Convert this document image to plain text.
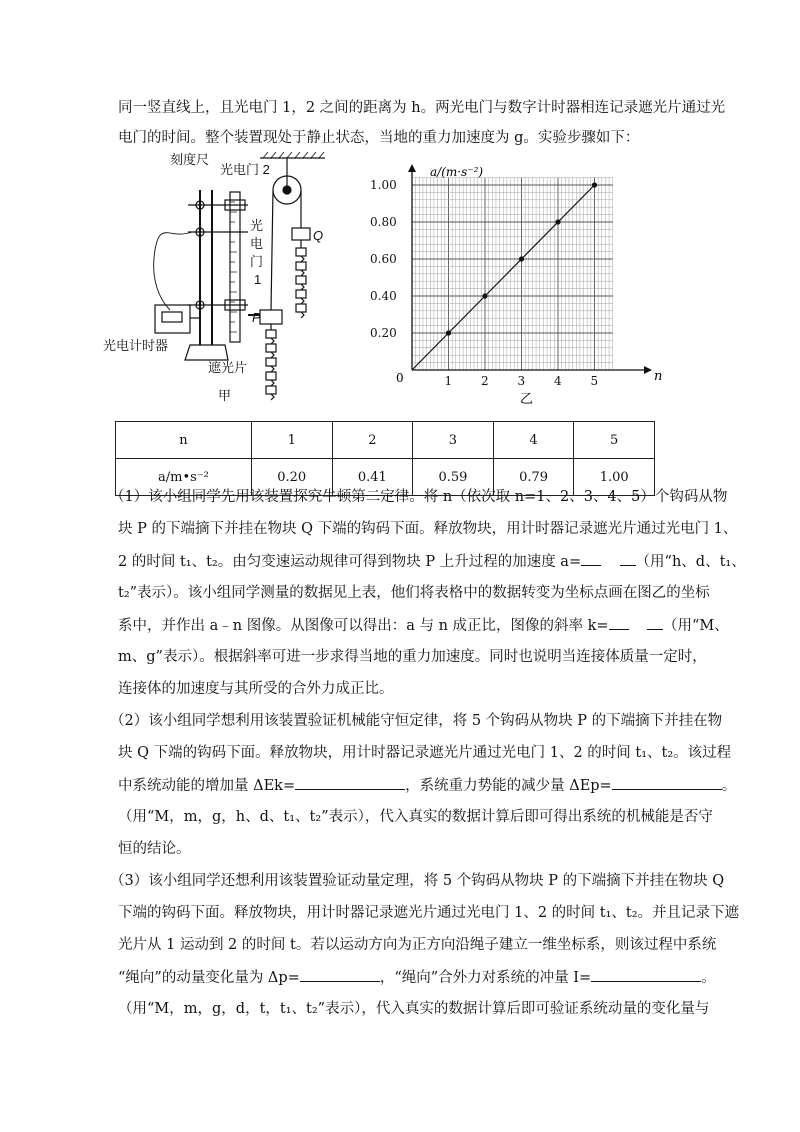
同一竖直线上，且光电门 1，2 之间的距离为 h。两光电门与数字计时器相连记录遮光片通过光
电门的时间。整个装置现处于静止状态，当地的重力加速度为 g。实验步骤如下：
刻度尺
光电门 2
光
电
门
1
光电计时器
遮光片
P
Q
甲
1 2 3 4 5
0.20
0.40
0.60
0.80
1.00
a/(m·s⁻²)
n
0
乙
n	1	2	3	4	5
a/m•s⁻²	0.20	0.41	0.59	0.79	1.00
（1）该小组同学先用该装置探究牛顿第二定律。将 n（依次取 n=1、2、3、4、5）个钩码从物
块 P 的下端摘下并挂在物块 Q 下端的钩码下面。释放物块，用计时器记录遮光片通过光电门 1、
2 的时间 t₁、t₂。由匀变速运动规律可得到物块 P 上升过程的加速度 a=	（用“h、d、t₁、
t₂”表示）。该小组同学测量的数据见上表，他们将表格中的数据转变为坐标点画在图乙的坐标
系中，并作出 a﹣n 图像。从图像可以得出：a 与 n 成正比，图像的斜率 k=	（用“M、
m、g”表示）。根据斜率可进一步求得当地的重力加速度。同时也说明当连接体质量一定时，
连接体的加速度与其所受的合外力成正比。
（2）该小组同学想利用该装置验证机械能守恒定律，将 5 个钩码从物块 P 的下端摘下并挂在物
块 Q 下端的钩码下面。释放物块，用计时器记录遮光片通过光电门 1、2 的时间 t₁、t₂。该过程
中系统动能的增加量 ΔEk=	，系统重力势能的减少量 ΔEp=	。
（用“M，m，g，h、d、t₁、t₂”表示），代入真实的数据计算后即可得出系统的机械能是否守
恒的结论。
（3）该小组同学还想利用该装置验证动量定理，将 5 个钩码从物块 P 的下端摘下并挂在物块 Q
下端的钩码下面。释放物块，用计时器记录遮光片通过光电门 1、2 的时间 t₁、t₂。并且记录下遮
光片从 1 运动到 2 的时间 t。若以运动方向为正方向沿绳子建立一维坐标系，则该过程中系统
“绳向”的动量变化量为 Δp=	，“绳向”合外力对系统的冲量 I=	。
（用“M，m，g，d，t，t₁、t₂”表示），代入真实的数据计算后即可验证系统动量的变化量与
